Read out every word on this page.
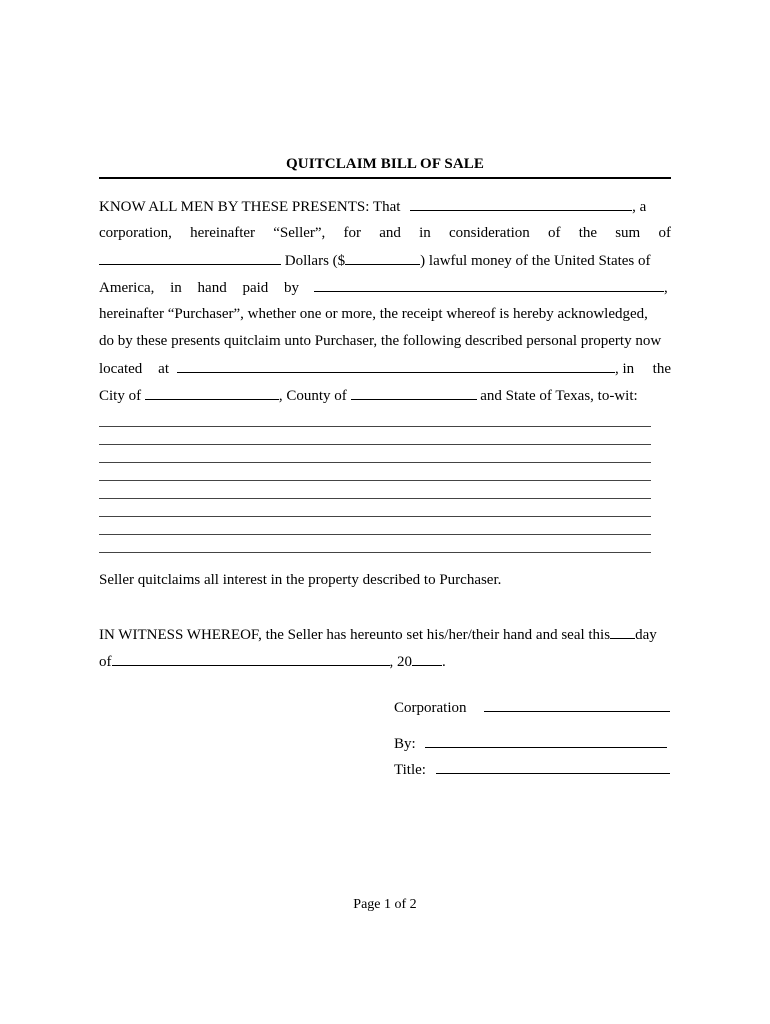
QUITCLAIM BILL OF SALE
KNOW ALL MEN BY THESE PRESENTS: That	, a
corporation, hereinafter “Seller”, for and in consideration of the sum of
Dollars ($	) lawful money of the United States of
America, in hand paid by	,
hereinafter “Purchaser”, whether one or more, the receipt whereof is hereby acknowledged,
do by these presents quitclaim unto Purchaser, the following described personal property now
located at	, in the
City of	, County of	and State of Texas, to-wit:
Seller quitclaims all interest in the property described to Purchaser.
IN WITNESS WHEREOF, the Seller has hereunto set his/her/their hand and seal this day
of	, 20 .
Corporation
By:
Title:
Page 1 of 2
